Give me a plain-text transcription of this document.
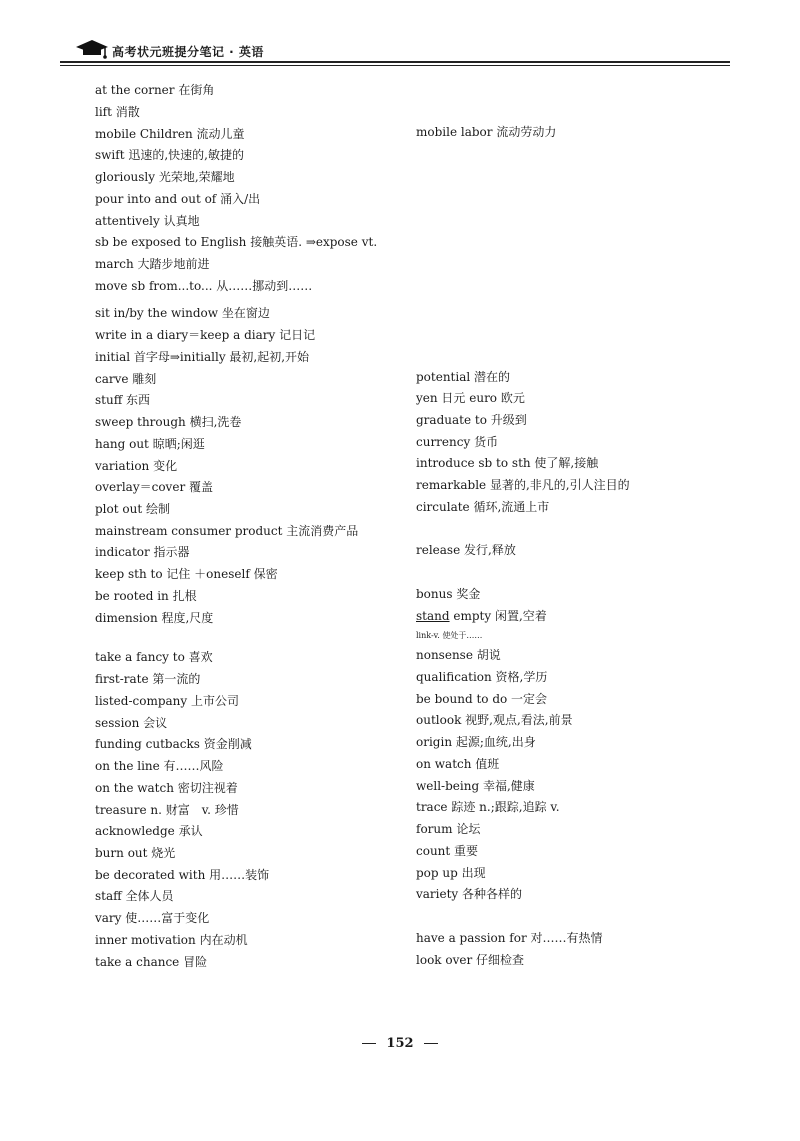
高考状元班提分笔记 · 英语
at the corner 在街角
lift 消散
mobile Children 流动儿童
swift 迅速的,快速的,敏捷的
gloriously 光荣地,荣耀地
pour into and out of 涌入/出
attentively 认真地
sb be exposed to English 接触英语. ⇒expose vt.
march 大踏步地前进
move sb from...to... 从……挪动到……
sit in/by the window 坐在窗边
write in a diary＝keep a diary 记日记
initial 首字母⇒initially 最初,起初,开始
carve 雕刻
stuff 东西
sweep through 横扫,洗卷
hang out 晾晒;闲逛
variation 变化
overlay＝cover 覆盖
plot out 绘制
mainstream consumer product 主流消费产品
indicator 指示器
keep sth to 记住 ＋oneself 保密
be rooted in 扎根
dimension 程度,尺度
take a fancy to 喜欢
first-rate 第一流的
listed-company 上市公司
session 会议
funding cutbacks 资金削减
on the line 有……风险
on the watch 密切注视着
treasure n. 财富　v. 珍惜
acknowledge 承认
burn out 烧光
be decorated with 用……装饰
staff 全体人员
vary 使……富于变化
inner motivation 内在动机
take a chance 冒险
mobile labor 流动劳动力
potential 潜在的
yen 日元 euro 欧元
graduate to 升级到
currency 货币
introduce sb to sth 使了解,接触
remarkable 显著的,非凡的,引人注目的
circulate 循环,流通上市
release 发行,释放
bonus 奖金
stand empty 闲置,空着
link-v. 使处于……
nonsense 胡说
qualification 资格,学历
be bound to do 一定会
outlook 视野,观点,看法,前景
origin 起源;血统,出身
on watch 值班
well-being 幸福,健康
trace 踪迹 n.;跟踪,追踪 v.
forum 论坛
count 重要
pop up 出现
variety 各种各样的
have a passion for 对……有热情
look over 仔细检查
152
